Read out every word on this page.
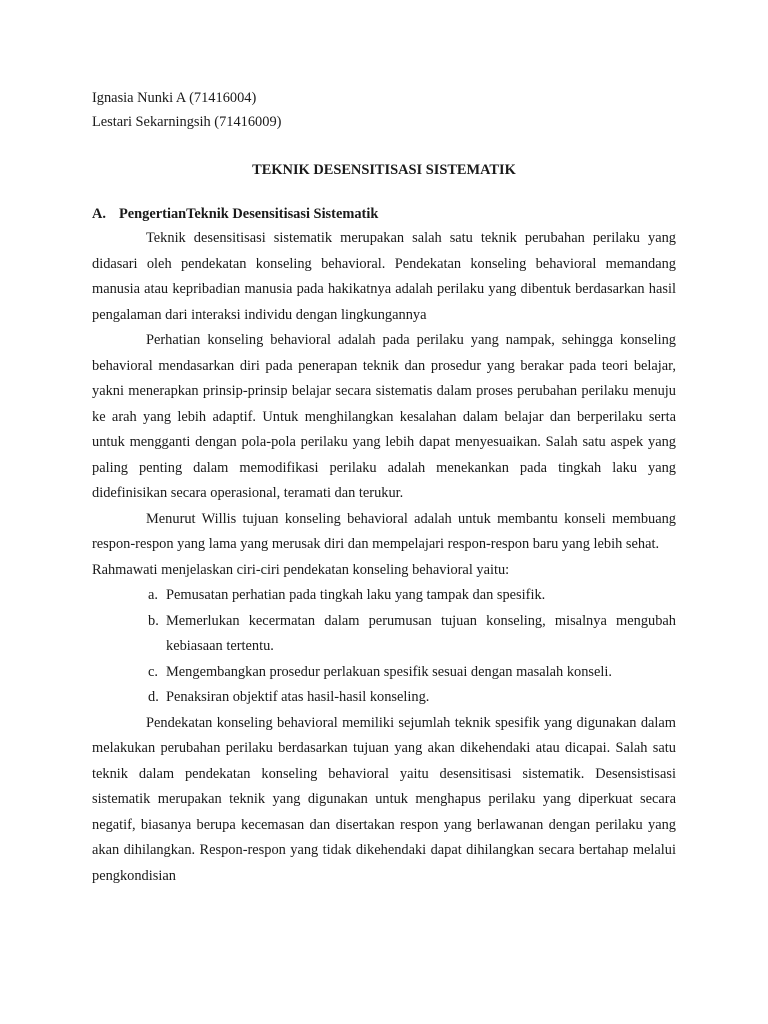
Ignasia Nunki A (71416004)
Lestari Sekarningsih (71416009)
TEKNIK DESENSITISASI SISTEMATIK
A. PengertianTeknik Desensitisasi Sistematik

Teknik desensitisasi sistematik merupakan salah satu teknik perubahan perilaku yang didasari oleh pendekatan konseling behavioral. Pendekatan konseling behavioral memandang manusia atau kepribadian manusia pada hakikatnya adalah perilaku yang dibentuk berdasarkan hasil pengalaman dari interaksi individu dengan lingkungannya

Perhatian konseling behavioral adalah pada perilaku yang nampak, sehingga konseling behavioral mendasarkan diri pada penerapan teknik dan prosedur yang berakar pada teori belajar, yakni menerapkan prinsip-prinsip belajar secara sistematis dalam proses perubahan perilaku menuju ke arah yang lebih adaptif. Untuk menghilangkan kesalahan dalam belajar dan berperilaku serta untuk mengganti dengan pola-pola perilaku yang lebih dapat menyesuaikan. Salah satu aspek yang paling penting dalam memodifikasi perilaku adalah menekankan pada tingkah laku yang didefinisikan secara operasional, teramati dan terukur.

Menurut Willis tujuan konseling behavioral adalah untuk membantu konseli membuang respon-respon yang lama yang merusak diri dan mempelajari respon-respon baru yang lebih sehat.

Rahmawati menjelaskan ciri-ciri pendekatan konseling behavioral yaitu:

a. Pemusatan perhatian pada tingkah laku yang tampak dan spesifik.
b. Memerlukan kecermatan dalam perumusan tujuan konseling, misalnya mengubah kebiasaan tertentu.
c. Mengembangkan prosedur perlakuan spesifik sesuai dengan masalah konseli.
d. Penaksiran objektif atas hasil-hasil konseling.

Pendekatan konseling behavioral memiliki sejumlah teknik spesifik yang digunakan dalam melakukan perubahan perilaku berdasarkan tujuan yang akan dikehendaki atau dicapai. Salah satu teknik dalam pendekatan konseling behavioral yaitu desensitisasi sistematik. Desensistisasi sistematik merupakan teknik yang digunakan untuk menghapus perilaku yang diperkuat secara negatif, biasanya berupa kecemasan dan disertakan respon yang berlawanan dengan perilaku yang akan dihilangkan. Respon-respon yang tidak dikehendaki dapat dihilangkan secara bertahap melalui pengkondisian
